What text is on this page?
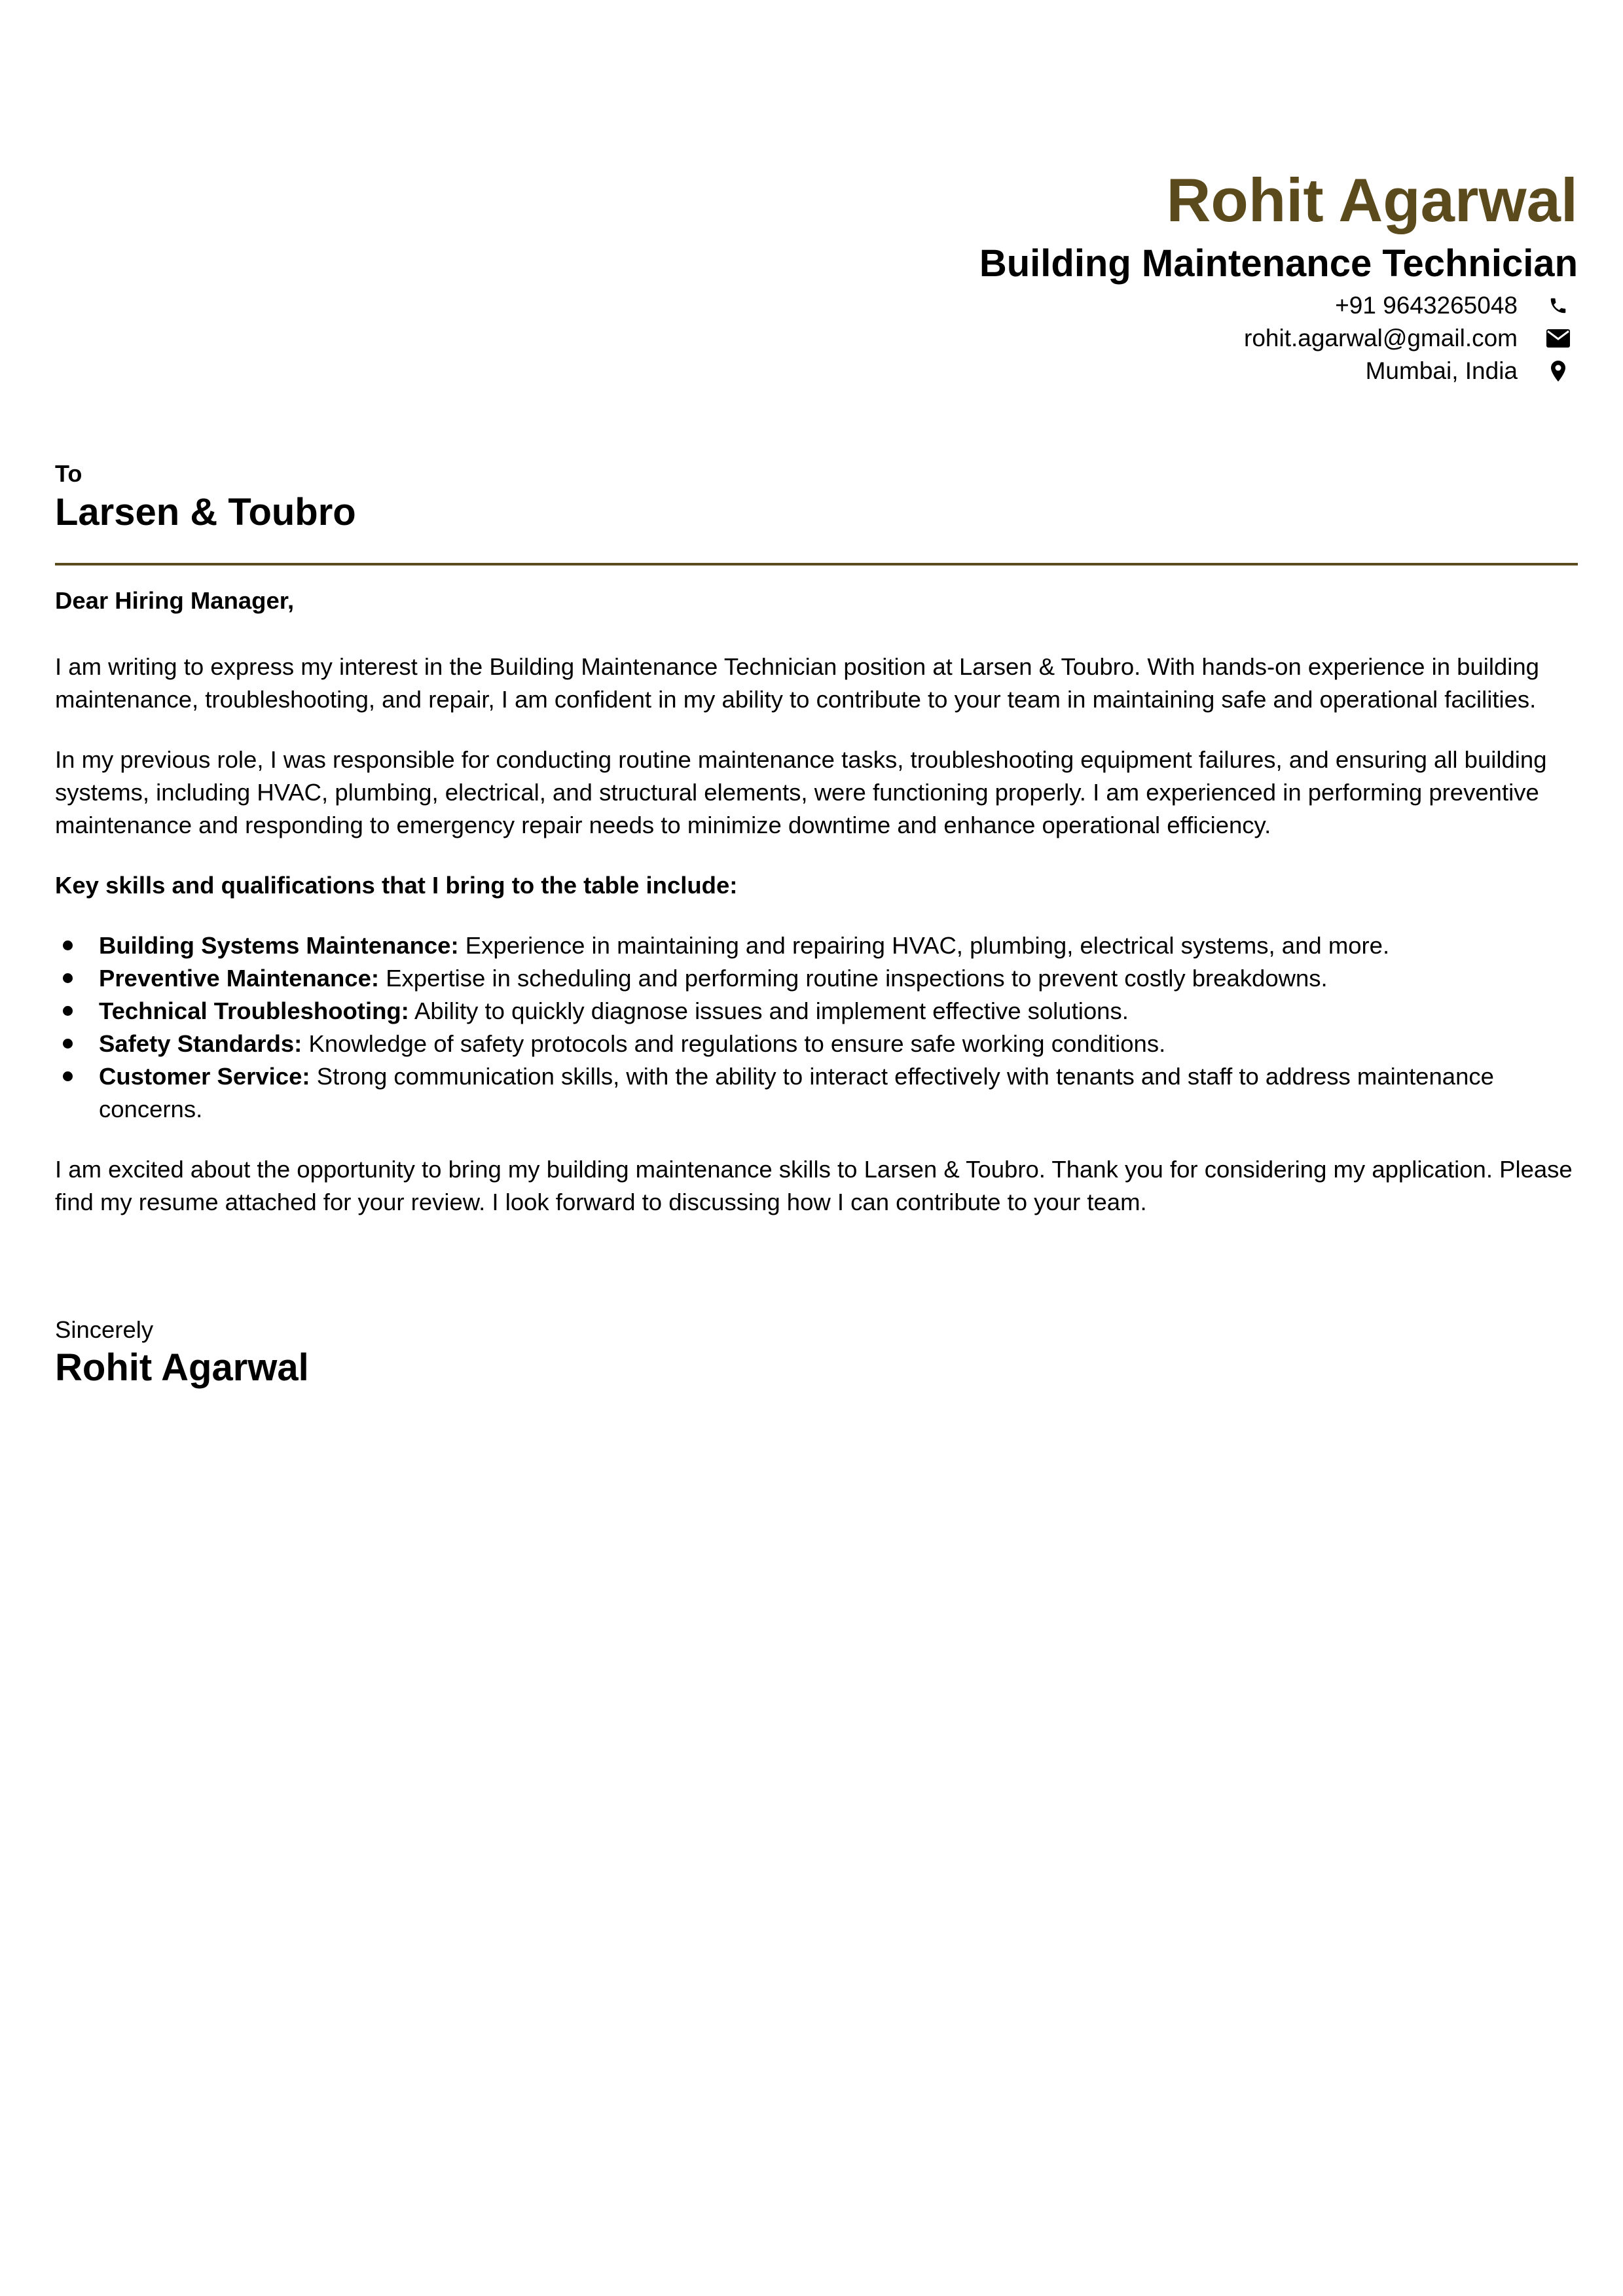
Rohit Agarwal
Building Maintenance Technician
+91 9643265048
rohit.agarwal@gmail.com
Mumbai, India
To
Larsen & Toubro

Dear Hiring Manager,

I am writing to express my interest in the Building Maintenance Technician position at Larsen & Toubro. With hands-on experience in building maintenance, troubleshooting, and repair, I am confident in my ability to contribute to your team in maintaining safe and operational facilities.

In my previous role, I was responsible for conducting routine maintenance tasks, troubleshooting equipment failures, and ensuring all building systems, including HVAC, plumbing, electrical, and structural elements, were functioning properly. I am experienced in performing preventive maintenance and responding to emergency repair needs to minimize downtime and enhance operational efficiency.

Key skills and qualifications that I bring to the table include:

Building Systems Maintenance: Experience in maintaining and repairing HVAC, plumbing, electrical systems, and more.
Preventive Maintenance: Expertise in scheduling and performing routine inspections to prevent costly breakdowns.
Technical Troubleshooting: Ability to quickly diagnose issues and implement effective solutions.
Safety Standards: Knowledge of safety protocols and regulations to ensure safe working conditions.
Customer Service: Strong communication skills, with the ability to interact effectively with tenants and staff to address maintenance concerns.

I am excited about the opportunity to bring my building maintenance skills to Larsen & Toubro. Thank you for considering my application. Please find my resume attached for your review. I look forward to discussing how I can contribute to your team.

Sincerely
Rohit Agarwal
